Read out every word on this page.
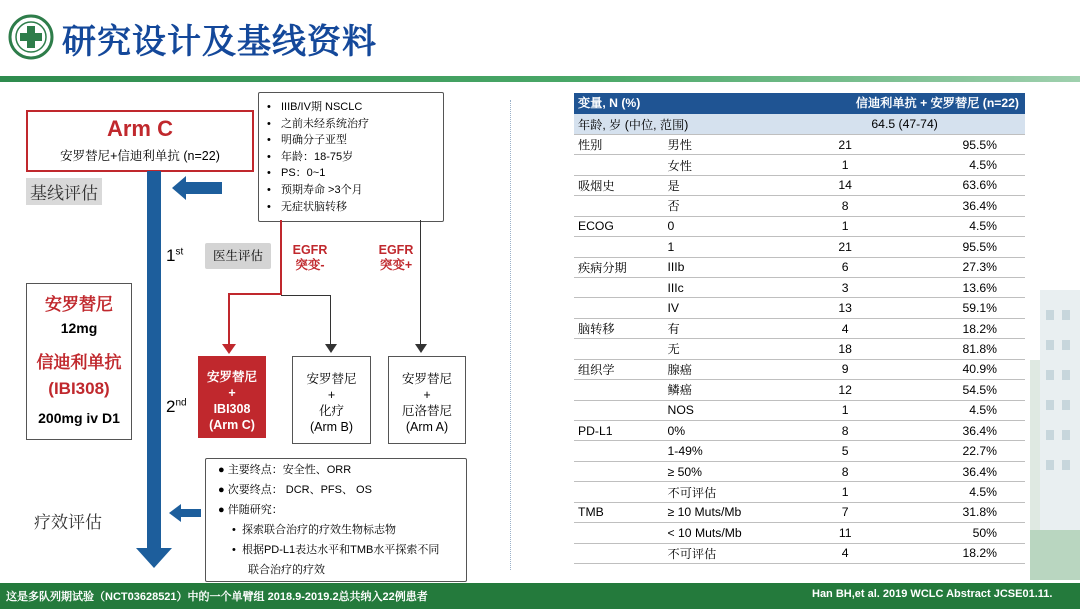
研究设计及基线资料
Arm C
安罗替尼+信迪利单抗 (n=22)
基线评估
1st
2nd
医生评估
• IIIB/IV期 NSCLC
• 之前未经系统治疗
• 明确分子亚型
• 年龄：18-75岁
• PS：0~1
• 预期寿命 >3个月
• 无症状脑转移
EGFR
突变-
EGFR
突变+
安罗替尼
12mg
信迪利单抗
(IBI308)
200mg iv D1
安罗替尼
+
IBI308
(Arm C)
安罗替尼
+
化疗
(Arm B)
安罗替尼
+
厄洛替尼
(Arm A)
疗效评估
● 主要终点：安全性、ORR
● 次要终点： DCR、PFS、 OS
● 伴随研究：
•  探索联合治疗的疗效生物标志物
•  根据PD-L1表达水平和TMB水平探索不同
联合治疗的疗效
变量, N (%)		信迪利单抗 + 安罗替尼 (n=22)	
年龄, 岁 (中位, 范围)		64.5 (47-74)	
性别	男性	21	95.5%
	女性	1	4.5%
吸烟史	是	14	63.6%
	否	8	36.4%
ECOG	0	1	4.5%
	1	21	95.5%
疾病分期	IIIb	6	27.3%
	IIIc	3	13.6%
	IV	13	59.1%
脑转移	有	4	18.2%
	无	18	81.8%
组织学	腺癌	9	40.9%
	鳞癌	12	54.5%
	NOS	1	4.5%
PD-L1	0%	8	36.4%
	1-49%	5	22.7%
	≥ 50%	8	36.4%
	不可评估	1	4.5%
TMB	≥ 10 Muts/Mb	7	31.8%
	< 10 Muts/Mb	11	50%
	不可评估	4	18.2%
这是多队列期试验（NCT03628521）中的一个单臂组 2018.9-2019.2总共纳入22例患者	Han BH,et al. 2019 WCLC Abstract JCSE01.11.
